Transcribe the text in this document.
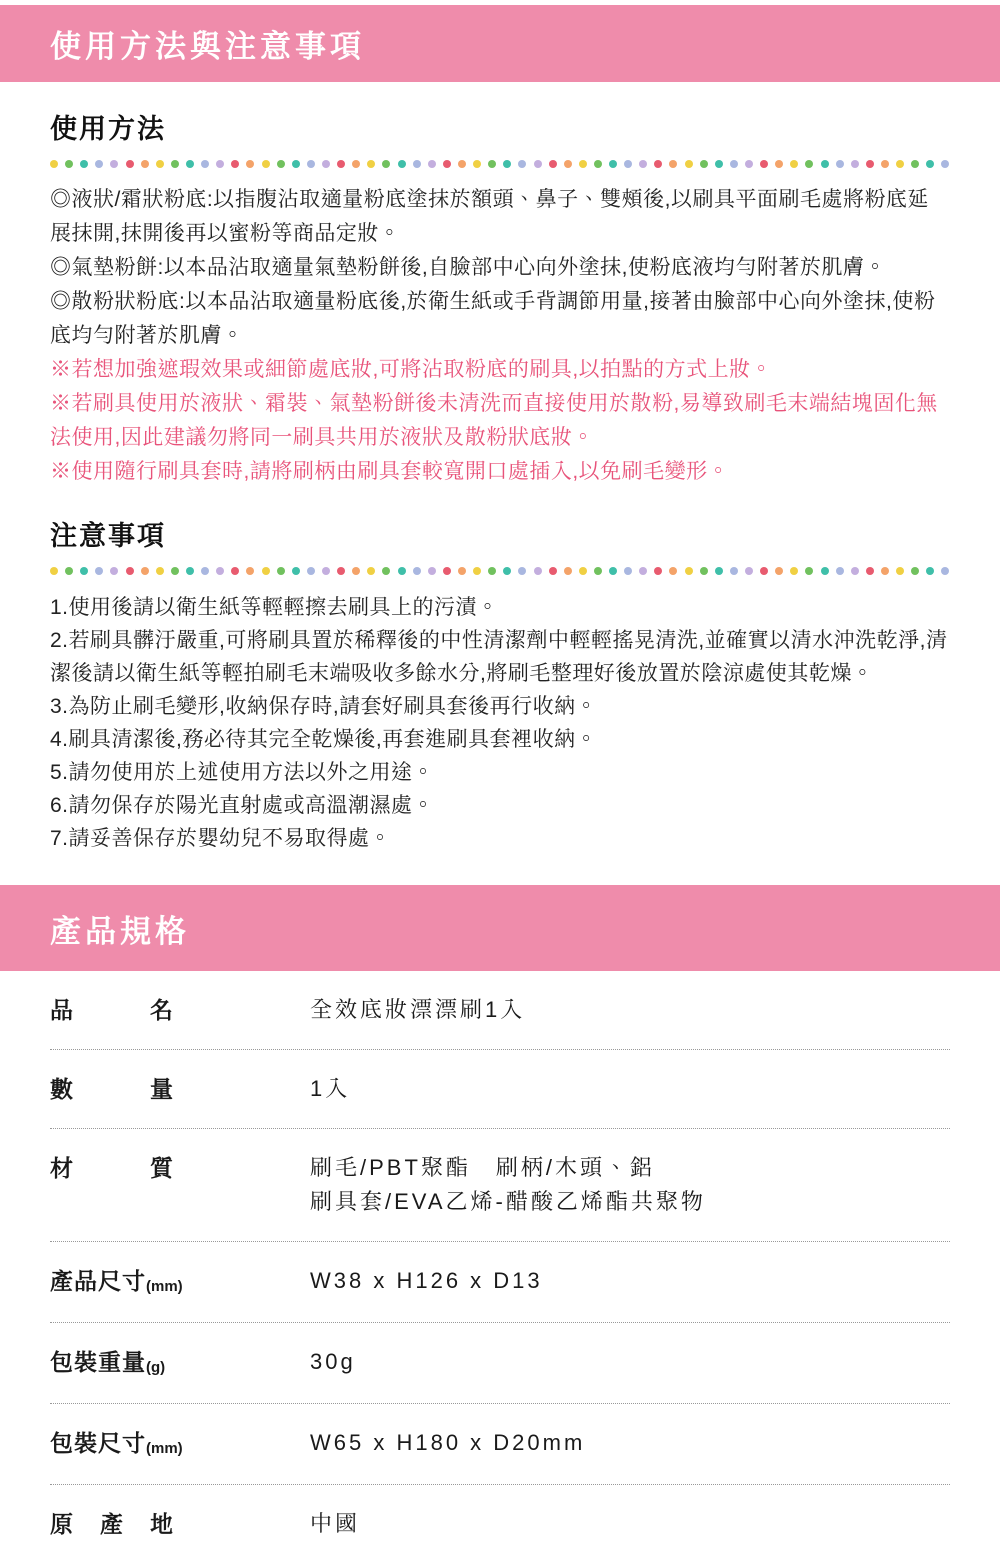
使用方法與注意事項
使用方法

◎液狀/霜狀粉底:以指腹沾取適量粉底塗抹於額頭、鼻子、雙頰後,以刷具平面刷毛處將粉底延展抹開,抹開後再以蜜粉等商品定妝。

◎氣墊粉餅:以本品沾取適量氣墊粉餅後,自臉部中心向外塗抹,使粉底液均勻附著於肌膚。

◎散粉狀粉底:以本品沾取適量粉底後,於衛生紙或手背調節用量,接著由臉部中心向外塗抹,使粉底均勻附著於肌膚。

※若想加強遮瑕效果或細節處底妝,可將沾取粉底的刷具,以拍點的方式上妝。

※若刷具使用於液狀、霜裝、氣墊粉餅後未清洗而直接使用於散粉,易導致刷毛末端結塊固化無法使用,因此建議勿將同一刷具共用於液狀及散粉狀底妝。

※使用隨行刷具套時,請將刷柄由刷具套較寬開口處插入,以免刷毛變形。

注意事項

1.使用後請以衛生紙等輕輕擦去刷具上的污漬。

2.若刷具髒汙嚴重,可將刷具置於稀釋後的中性清潔劑中輕輕搖晃清洗,並確實以清水沖洗乾淨,清潔後請以衛生紙等輕拍刷毛末端吸收多餘水分,將刷毛整理好後放置於陰涼處使其乾燥。

3.為防止刷毛變形,收納保存時,請套好刷具套後再行收納。

4.刷具清潔後,務必待其完全乾燥後,再套進刷具套裡收納。

5.請勿使用於上述使用方法以外之用途。

6.請勿保存於陽光直射處或高溫潮濕處。

7.請妥善保存於嬰幼兒不易取得處。

產品規格
品	名	全效底妝漂漂刷1入
數	量	1入
材	質	刷毛/PBT聚酯　刷柄/木頭、鋁
刷具套/EVA乙烯-醋酸乙烯酯共聚物
產品尺寸(mm)	W38 x H126 x D13
包裝重量(g)	30g
包裝尺寸(mm)	W65 x H180 x D20mm
原 產 地	中國
